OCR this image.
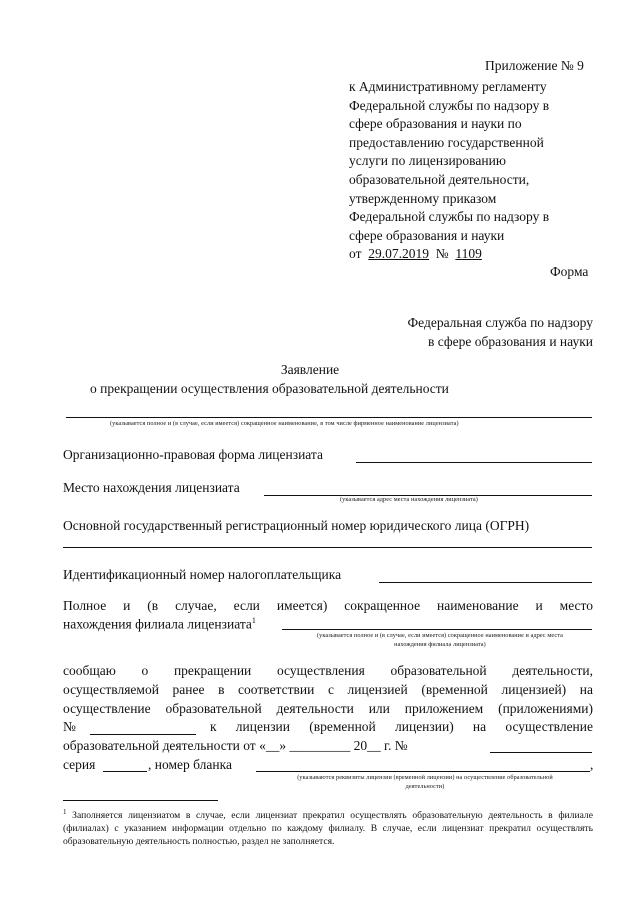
Приложение № 9
к Административному регламенту
Федеральной службы по надзору в
сфере образования и науки по
предоставлению государственной
услуги по лицензированию
образовательной деятельности,
утвержденному приказом
Федеральной службы по надзору в
сфере образования и науки
от 29.07.2019 № 1109
Форма
Федеральная служба по надзору
в сфере образования и науки
Заявление
о прекращении осуществления образовательной деятельности
(указывается полное и (в случае, если имеется) сокращенное наименование, в том числе фирменное наименование лицензиата)
Организационно-правовая форма лицензиата
Место нахождения лицензиата
(указывается адрес места нахождения лицензиата)
Основной государственный регистрационный номер юридического лица (ОГРН)
Идентификационный номер налогоплательщика
Полное и (в случае, если имеется) сокращенное наименование и место
нахождения филиала лицензиата$^1$
(указывается полное и (в случае, если имеется) сокращенное наименование и адрес места
нахождения филиала лицензиата)
сообщаю о прекращении осуществления образовательной деятельности,
осуществляемой ранее в соответствии с лицензией (временной лицензией) на
осуществление образовательной деятельности или приложением (приложениями)
№	к лицензии (временной лицензии) на осуществление
образовательной деятельности от «__» _________ 20__ г. №
серия	, номер бланка	,
(указываются реквизиты лицензии (временной лицензии) на осуществление образовательной
деятельности)
$^1$ Заполняется лицензиатом в случае, если лицензиат прекратил осуществлять образовательную деятельность в филиале (филиалах) с указанием информации отдельно по каждому филиалу. В случае, если лицензиат прекратил осуществлять образовательную деятельность полностью, раздел не заполняется.
